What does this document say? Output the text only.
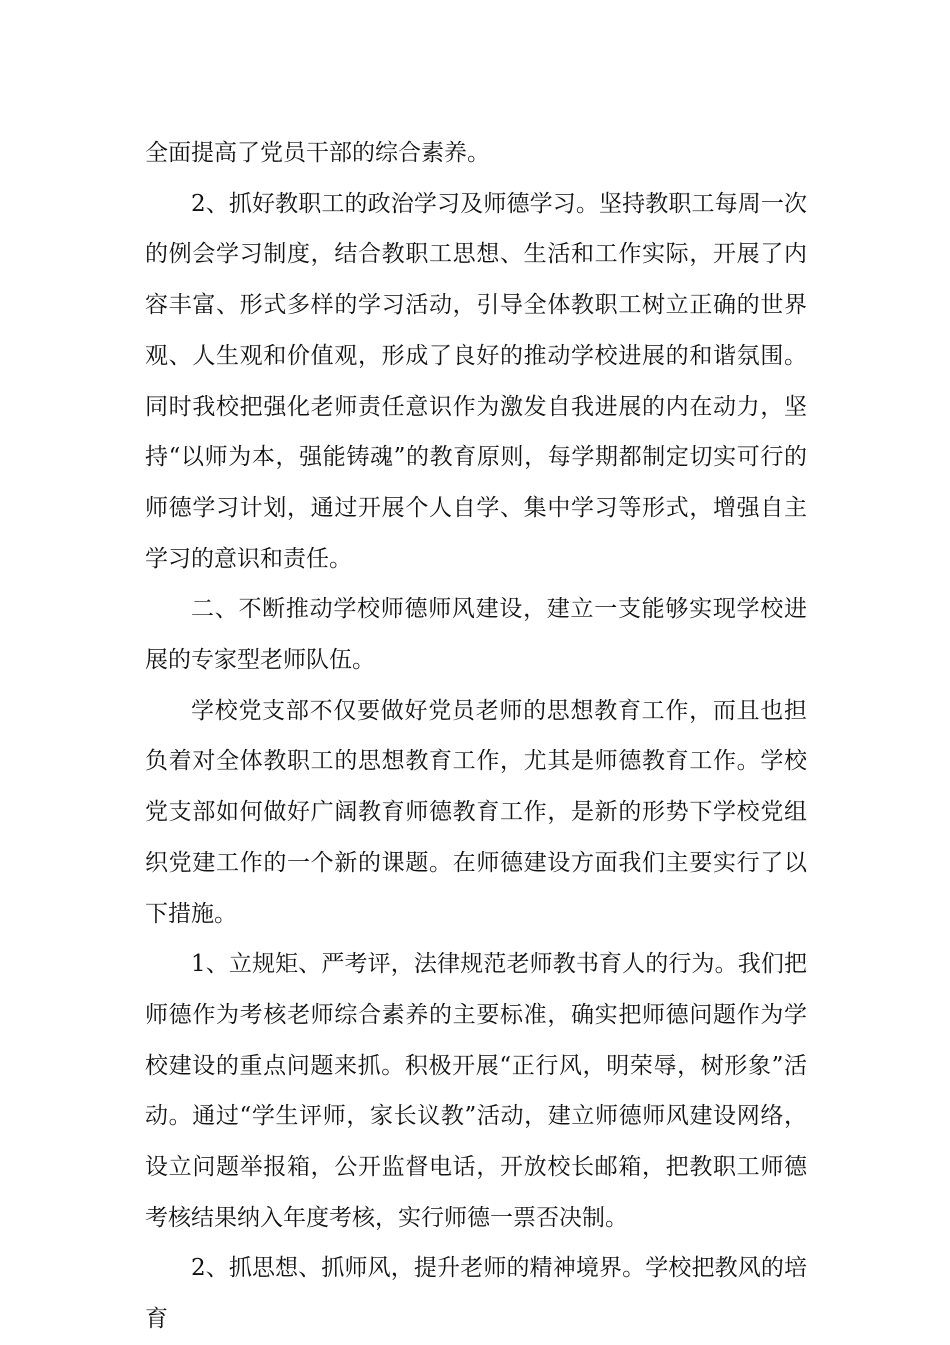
全面提高了党员干部的综合素养。

2、抓好教职工的政治学习及师德学习。坚持教职工每周一次的例会学习制度，结合教职工思想、生活和工作实际，开展了内容丰富、形式多样的学习活动，引导全体教职工树立正确的世界观、人生观和价值观，形成了良好的推动学校进展的和谐氛围。同时我校把强化老师责任意识作为激发自我进展的内在动力，坚持“以师为本，强能铸魂”的教育原则，每学期都制定切实可行的师德学习计划，通过开展个人自学、集中学习等形式，增强自主学习的意识和责任。

二、不断推动学校师德师风建设，建立一支能够实现学校进展的专家型老师队伍。

学校党支部不仅要做好党员老师的思想教育工作，而且也担负着对全体教职工的思想教育工作，尤其是师德教育工作。学校党支部如何做好广阔教育师德教育工作，是新的形势下学校党组织党建工作的一个新的课题。在师德建设方面我们主要实行了以下措施。

1、立规矩、严考评，法律规范老师教书育人的行为。我们把师德作为考核老师综合素养的主要标准，确实把师德问题作为学校建设的重点问题来抓。积极开展“正行风，明荣辱，树形象”活动。通过“学生评师，家长议教”活动，建立师德师风建设网络，设立问题举报箱，公开监督电话，开放校长邮箱，把教职工师德考核结果纳入年度考核，实行师德一票否决制。

2、抓思想、抓师风，提升老师的精神境界。学校把教风的培育
